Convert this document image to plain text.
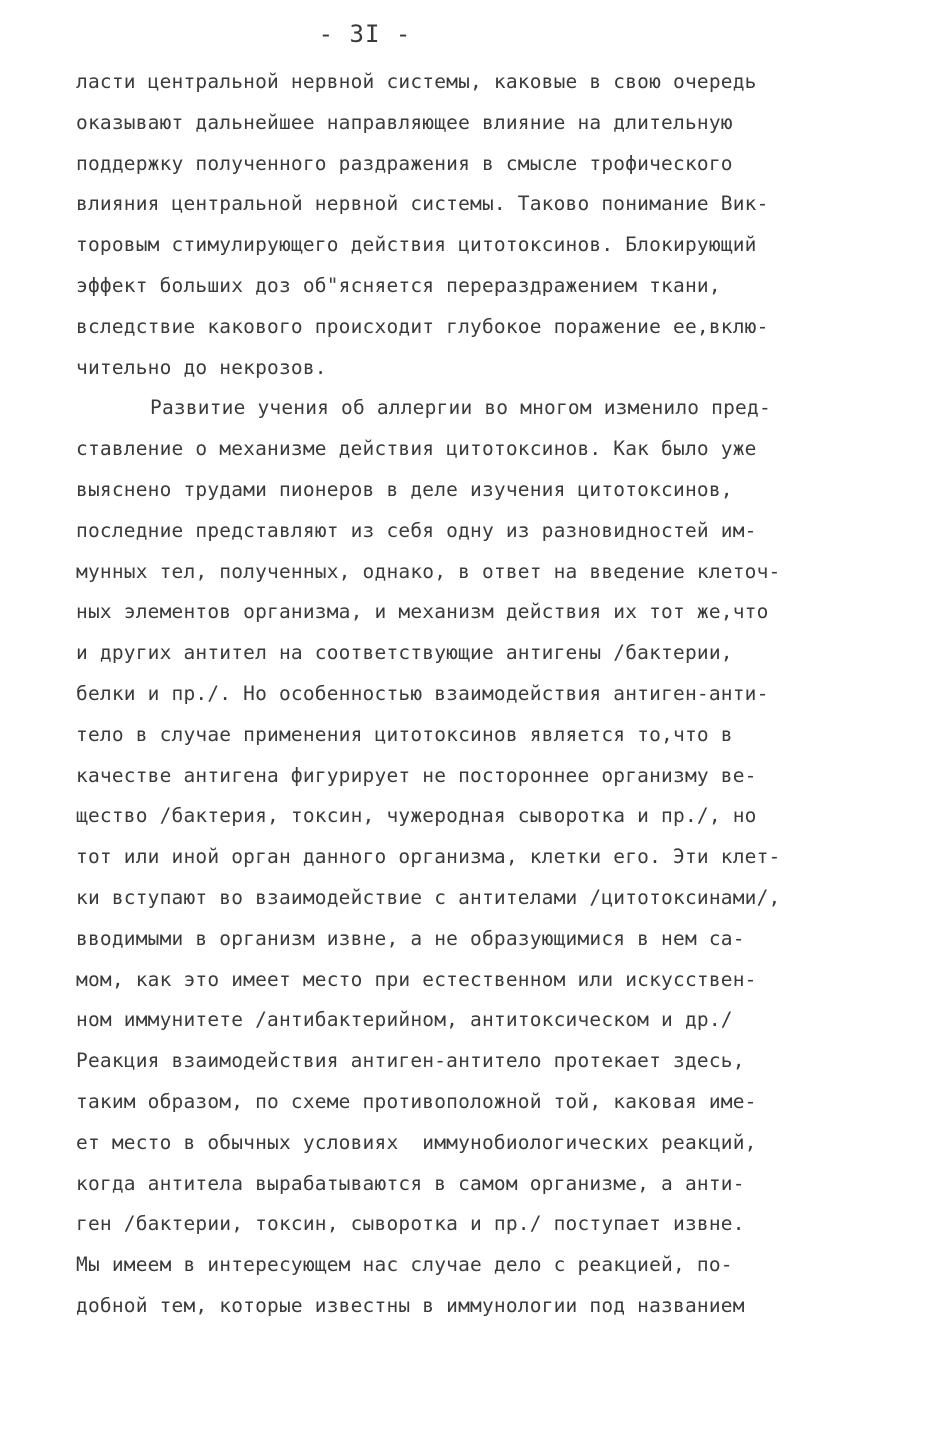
- 3I -
ласти центральной нервной системы, каковые в свою очередь
оказывают дальнейшее направляющее влияние на длительную
поддержку полученного раздражения в смысле трофического
влияния центральной нервной системы. Таково понимание Вик-
торовым стимулирующего действия цитотоксинов. Блокирующий
эффект больших доз об"ясняется перераздражением ткани,
вследствие какового происходит глубокое поражение ее,вклю-
чительно до некрозов.
Развитие учения об аллергии во многом изменило пред-
ставление о механизме действия цитотоксинов. Как было уже
выяснено трудами пионеров в деле изучения цитотоксинов,
последние представляют из себя одну из разновидностей им-
мунных тел, полученных, однако, в ответ на введение клеточ-
ных элементов организма, и механизм действия их тот же,что
и других антител на соответствующие антигены /бактерии,
белки и пр./. Но особенностью взаимодействия антиген-анти-
тело в случае применения цитотоксинов является то,что в
качестве антигена фигурирует не постороннее организму ве-
щество /бактерия, токсин, чужеродная сыворотка и пр./, но
тот или иной орган данного организма, клетки его. Эти клет-
ки вступают во взаимодействие с антителами /цитотоксинами/,
вводимыми в организм извне, а не образующимися в нем са-
мом, как это имеет место при естественном или искусствен-
ном иммунитете /антибактерийном, антитоксическом и др./
Реакция взаимодействия антиген-антитело протекает здесь,
таким образом, по схеме противоположной той, каковая име-
ет место в обычных условиях  иммунобиологических реакций,
когда антитела вырабатываются в самом организме, а анти-
ген /бактерии, токсин, сыворотка и пр./ поступает извне.
Мы имеем в интересующем нас случае дело с реакцией, по-
добной тем, которые известны в иммунологии под названием
